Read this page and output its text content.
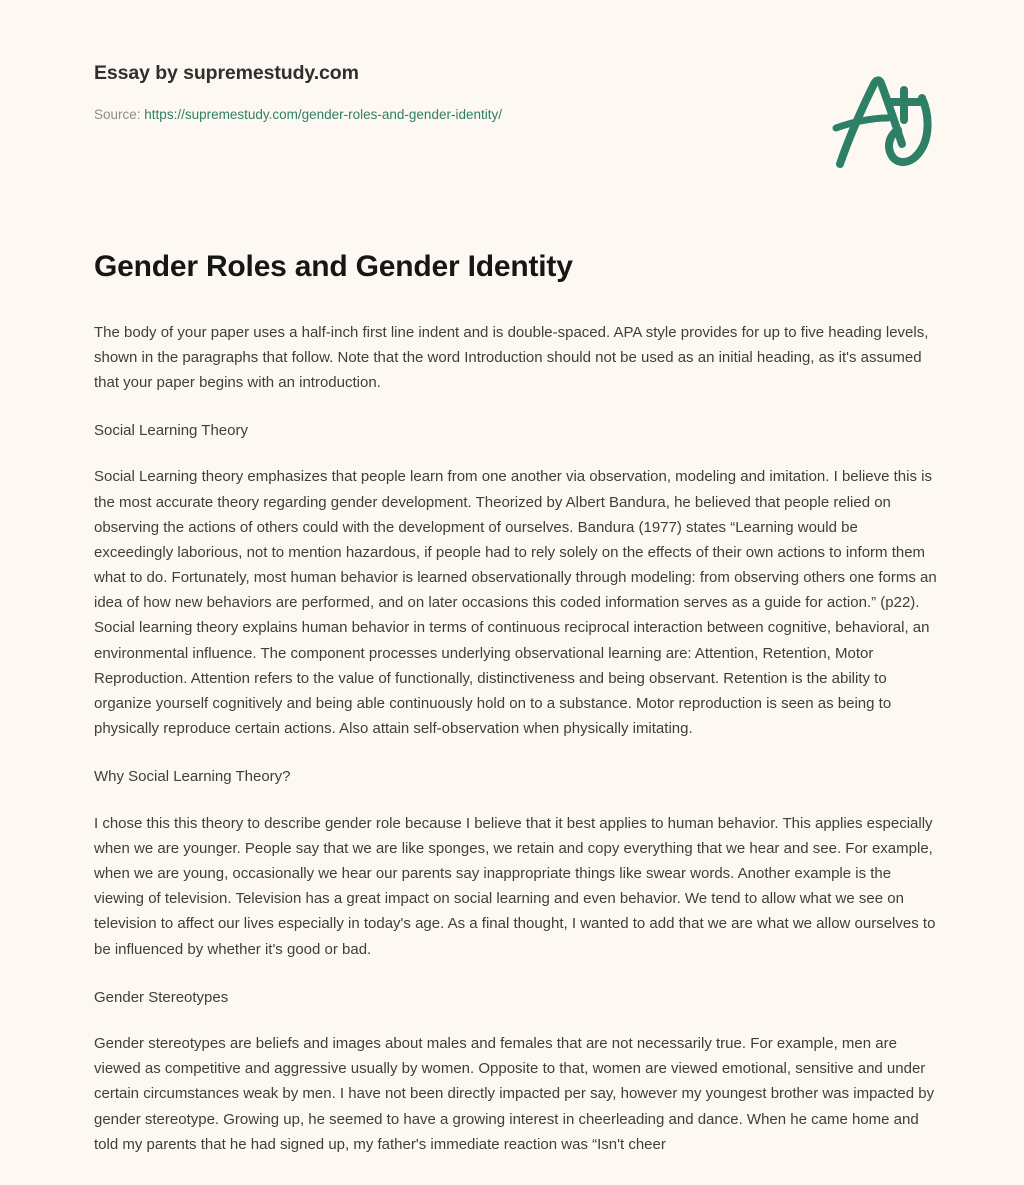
Essay by supremestudy.com
Source: https://supremestudy.com/gender-roles-and-gender-identity/
Gender Roles and Gender Identity

The body of your paper uses a half-inch first line indent and is double-spaced. APA style provides for up to five heading levels, shown in the paragraphs that follow. Note that the word Introduction should not be used as an initial heading, as it's assumed that your paper begins with an introduction.

Social Learning Theory

Social Learning theory emphasizes that people learn from one another via observation, modeling and imitation. I believe this is the most accurate theory regarding gender development. Theorized by Albert Bandura, he believed that people relied on observing the actions of others could with the development of ourselves. Bandura (1977) states “Learning would be exceedingly laborious, not to mention hazardous, if people had to rely solely on the effects of their own actions to inform them what to do. Fortunately, most human behavior is learned observationally through modeling: from observing others one forms an idea of how new behaviors are performed, and on later occasions this coded information serves as a guide for action.” (p22). Social learning theory explains human behavior in terms of continuous reciprocal interaction between cognitive, behavioral, an environmental influence. The component processes underlying observational learning are: Attention, Retention, Motor Reproduction. Attention refers to the value of functionally, distinctiveness and being observant. Retention is the ability to organize yourself cognitively and being able continuously hold on to a substance. Motor reproduction is seen as being to physically reproduce certain actions. Also attain self-observation when physically imitating.

Why Social Learning Theory?

I chose this this theory to describe gender role because I believe that it best applies to human behavior. This applies especially when we are younger. People say that we are like sponges, we retain and copy everything that we hear and see. For example, when we are young, occasionally we hear our parents say inappropriate things like swear words. Another example is the viewing of television. Television has a great impact on social learning and even behavior. We tend to allow what we see on television to affect our lives especially in today's age. As a final thought, I wanted to add that we are what we allow ourselves to be influenced by whether it's good or bad.

Gender Stereotypes

Gender stereotypes are beliefs and images about males and females that are not necessarily true. For example, men are viewed as competitive and aggressive usually by women. Opposite to that, women are viewed emotional, sensitive and under certain circumstances weak by men. I have not been directly impacted per say, however my youngest brother was impacted by gender stereotype. Growing up, he seemed to have a growing interest in cheerleading and dance. When he came home and told my parents that he had signed up, my father's immediate reaction was “Isn't cheer
